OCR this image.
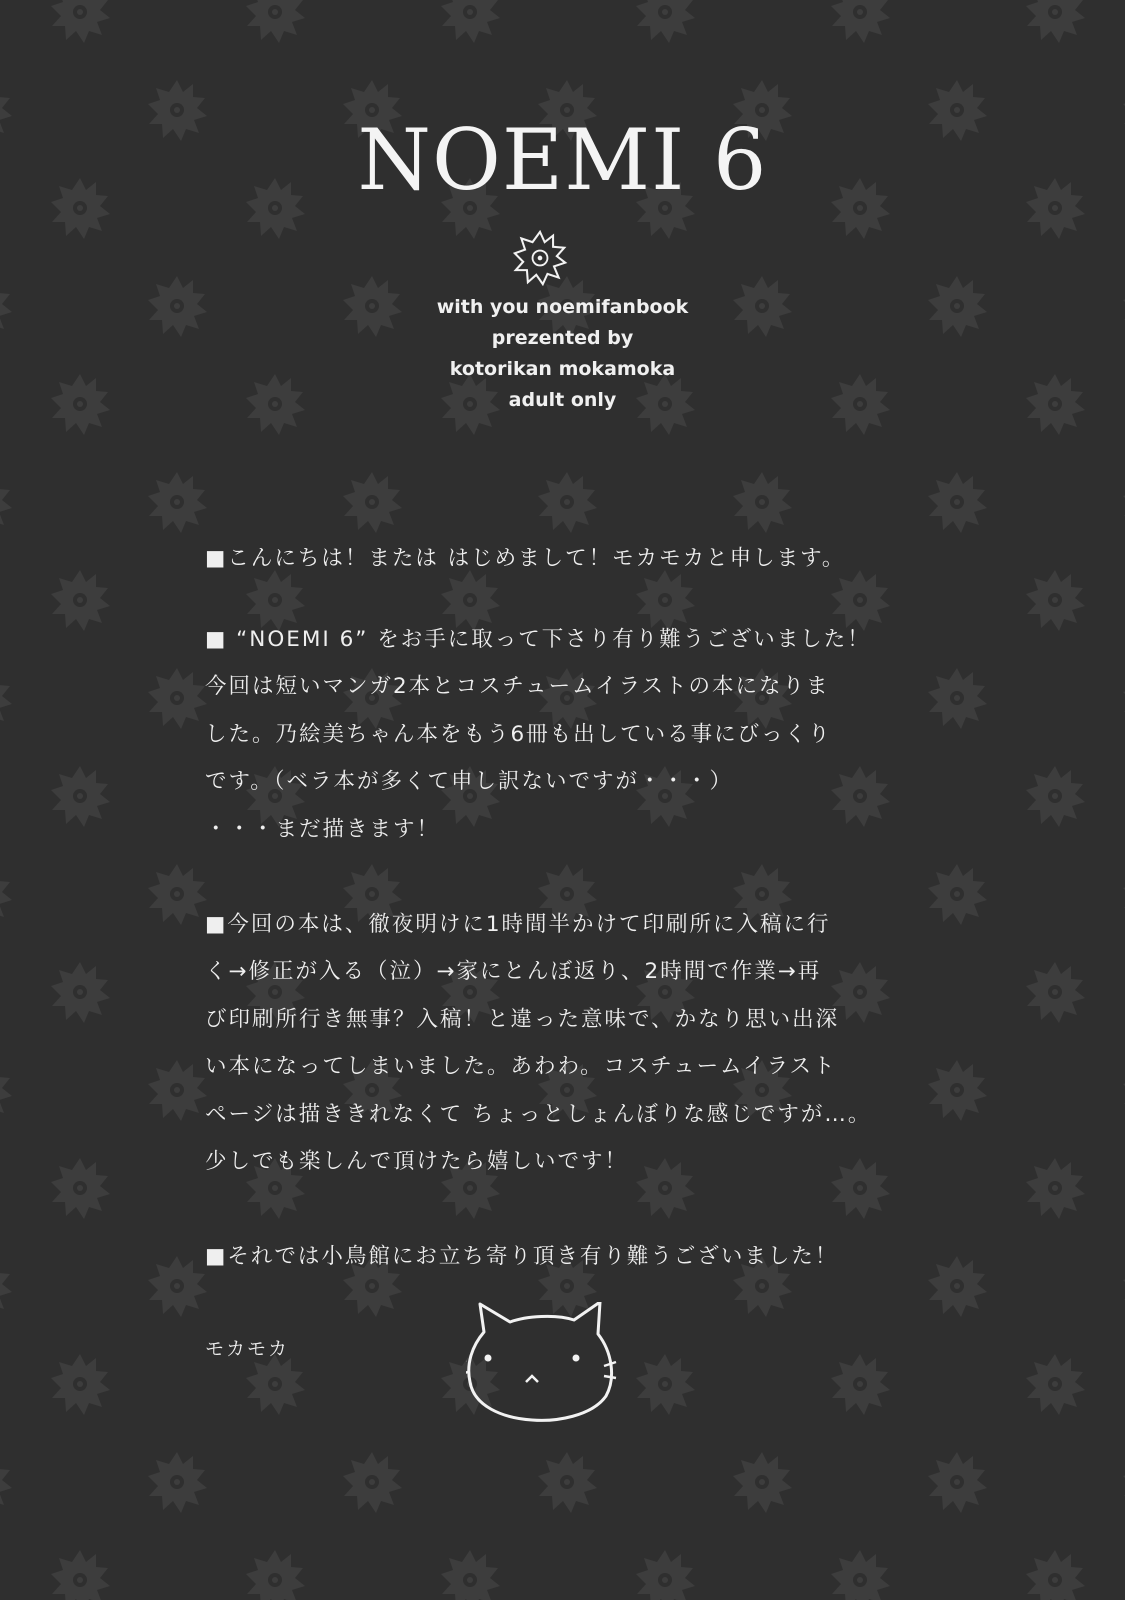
NOEMI 6
with you noemifanbook
prezented by
kotorikan mokamoka
adult only

■こんにちは！または はじめまして！モカモカと申します。

■ “NOEMI 6” をお手に取って下さり有り難うございました！

今回は短いマンガ2本とコスチュームイラストの本になりま

した。乃絵美ちゃん本をもう6冊も出している事にびっくり

です。（ベラ本が多くて申し訳ないですが・・・）

・・・まだ描きます！

■今回の本は、徹夜明けに1時間半かけて印刷所に入稿に行

く→修正が入る（泣）→家にとんぼ返り、2時間で作業→再

び印刷所行き無事？入稿！と違った意味で、かなり思い出深

い本になってしまいました。あわわ。コスチュームイラスト

ページは描ききれなくて ちょっとしょんぼりな感じですが…。

少しでも楽しんで頂けたら嬉しいです！

■それでは小鳥館にお立ち寄り頂き有り難うございました！

モカモカ
